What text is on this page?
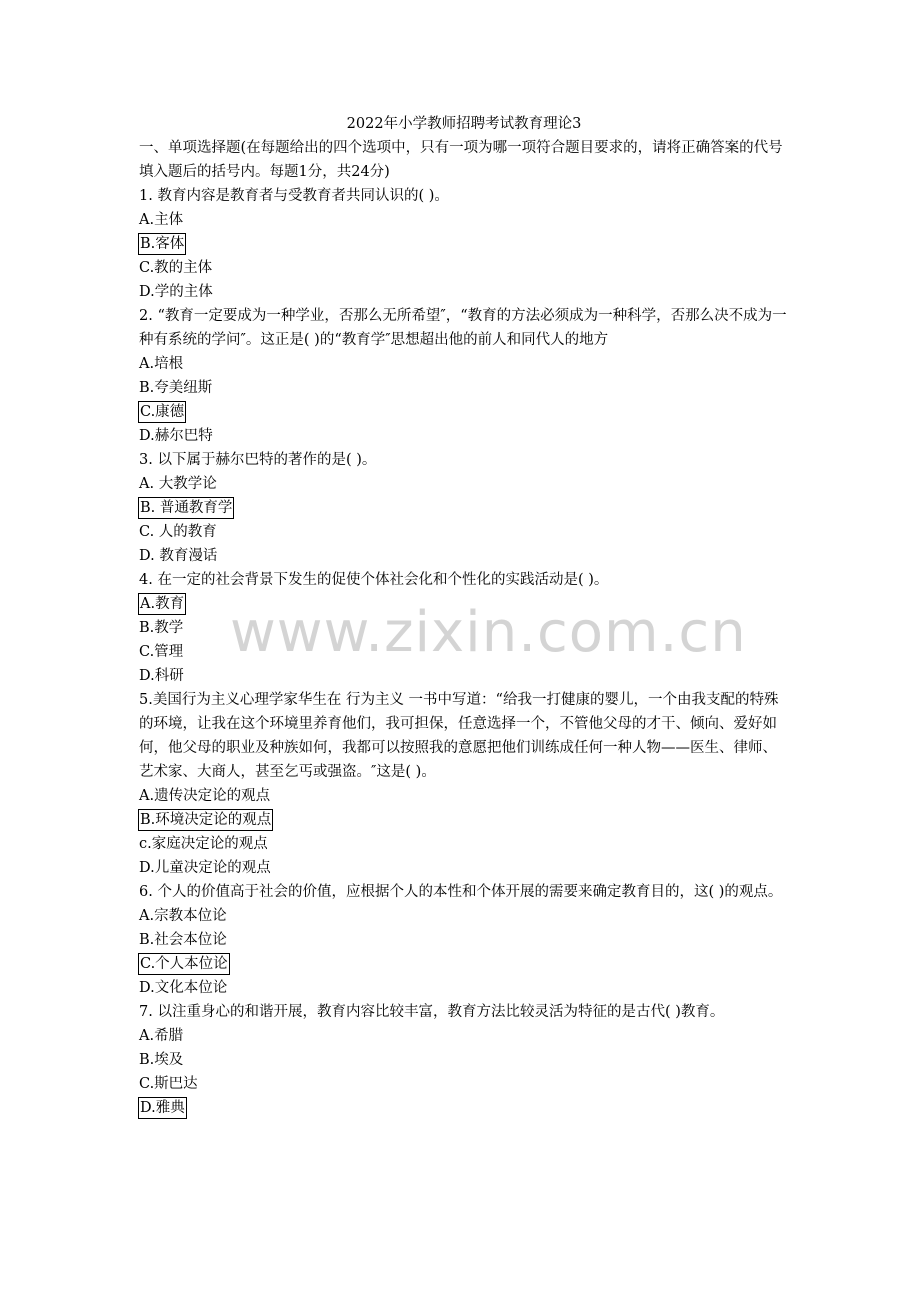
2022年小学教师招聘考试教育理论3
一、单项选择题(在每题给出的四个选项中，只有一项为哪一项符合题目要求的，请将正确答案的代号填入题后的括号内。每题1分，共24分)
1. 教育内容是教育者与受教育者共同认识的( )。
A.主体
B.客体
C.教的主体
D.学的主体
2. “教育一定要成为一种学业，否那么无所希望″，“教育的方法必须成为一种科学，否那么决不成为一种有系统的学问″。这正是( )的“教育学″思想超出他的前人和同代人的地方
A.培根
B.夸美纽斯
C.康德
D.赫尔巴特
3. 以下属于赫尔巴特的著作的是( )。
A. 大教学论
B. 普通教育学
C. 人的教育
D. 教育漫话
4. 在一定的社会背景下发生的促使个体社会化和个性化的实践活动是( )。
A.教育
B.教学
C.管理
D.科研
5.美国行为主义心理学家华生在 行为主义 一书中写道：“给我一打健康的婴儿，一个由我支配的特殊的环境，让我在这个环境里养育他们，我可担保，任意选择一个，不管他父母的才干、倾向、爱好如何，他父母的职业及种族如何，我都可以按照我的意愿把他们训练成任何一种人物——医生、律师、艺术家、大商人，甚至乞丐或强盗。″这是( )。
A.遗传决定论的观点
B.环境决定论的观点
c.家庭决定论的观点
D.儿童决定论的观点
6. 个人的价值高于社会的价值，应根据个人的本性和个体开展的需要来确定教育目的，这( )的观点。
A.宗教本位论
B.社会本位论
C.个人本位论
D.文化本位论
7. 以注重身心的和谐开展，教育内容比较丰富，教育方法比较灵活为特征的是古代( )教育。
A.希腊
B.埃及
C.斯巴达
D.雅典
www.zixin.com.cn
